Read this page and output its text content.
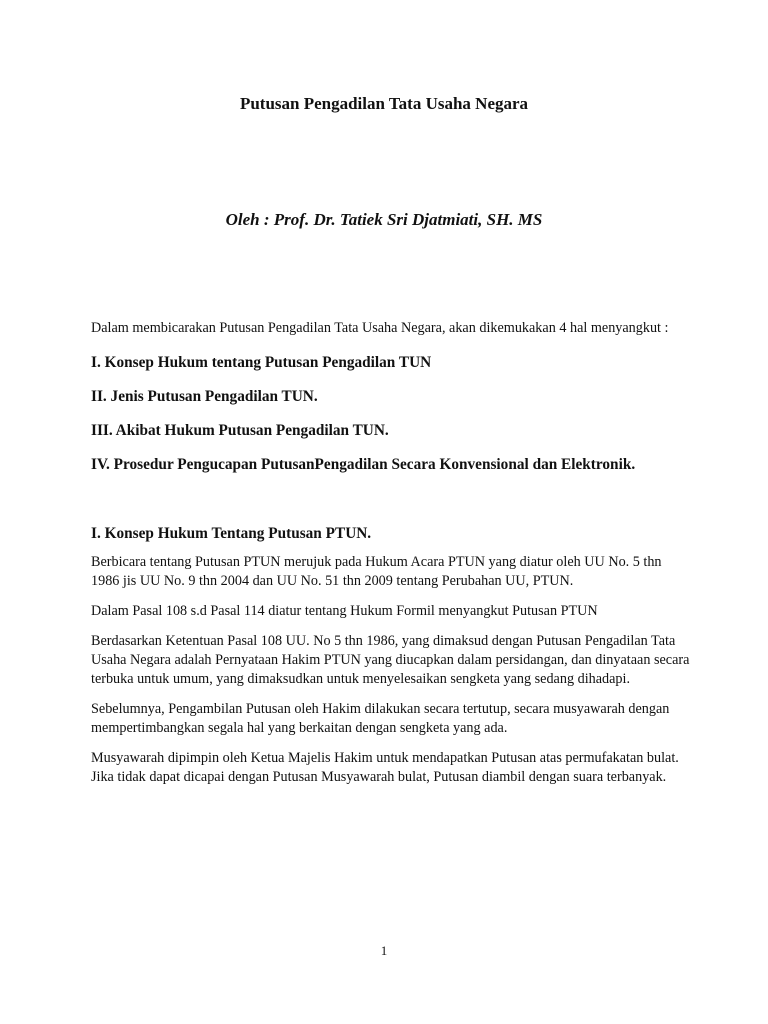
Putusan Pengadilan Tata Usaha Negara
Oleh : Prof. Dr. Tatiek Sri Djatmiati, SH. MS

Dalam membicarakan Putusan Pengadilan Tata Usaha Negara, akan dikemukakan 4 hal menyangkut :

I. Konsep Hukum tentang Putusan Pengadilan TUN

II. Jenis Putusan Pengadilan TUN.

III. Akibat Hukum Putusan Pengadilan TUN.

IV. Prosedur Pengucapan PutusanPengadilan Secara Konvensional dan Elektronik.

I. Konsep Hukum Tentang Putusan PTUN.

Berbicara tentang Putusan PTUN merujuk pada Hukum Acara PTUN yang diatur oleh UU No. 5 thn 1986 jis UU No. 9 thn 2004 dan UU No. 51 thn 2009 tentang Perubahan UU, PTUN.

Dalam Pasal 108 s.d Pasal 114 diatur tentang Hukum Formil menyangkut Putusan PTUN

Berdasarkan Ketentuan Pasal 108 UU. No 5 thn 1986, yang dimaksud dengan Putusan Pengadilan Tata Usaha Negara adalah Pernyataan Hakim PTUN yang diucapkan dalam persidangan, dan dinyataan secara terbuka untuk umum, yang dimaksudkan untuk menyelesaikan sengketa yang sedang dihadapi.

Sebelumnya, Pengambilan Putusan oleh Hakim dilakukan secara tertutup, secara musyawarah dengan mempertimbangkan segala hal yang berkaitan dengan sengketa yang ada.

Musyawarah dipimpin oleh Ketua Majelis Hakim untuk mendapatkan Putusan atas permufakatan bulat. Jika tidak dapat dicapai dengan Putusan Musyawarah bulat, Putusan diambil dengan suara terbanyak.

1
